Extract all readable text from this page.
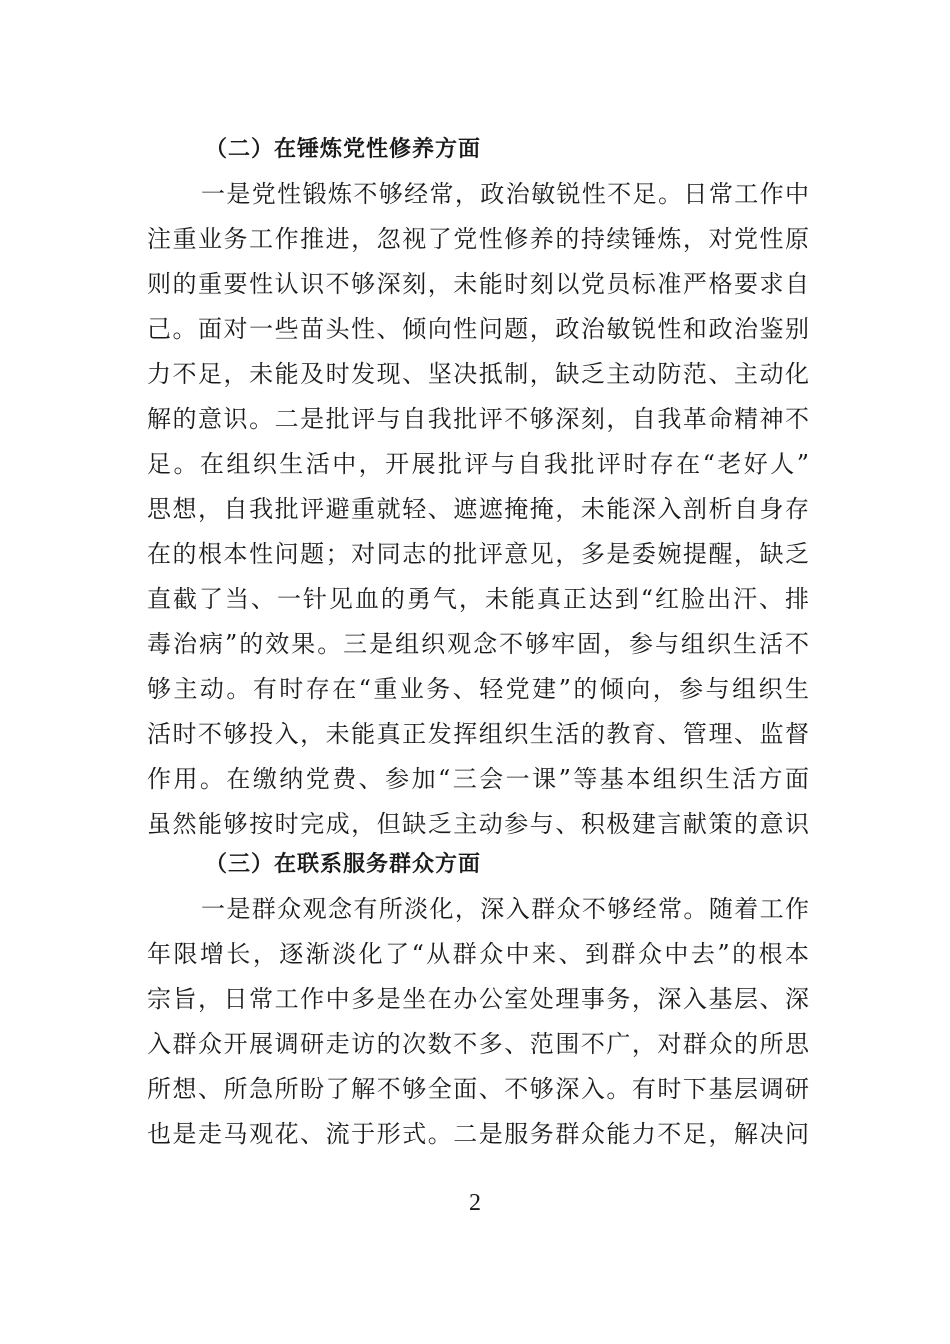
（二）在锤炼党性修养方面
一是党性锻炼不够经常，政治敏锐性不足。日常工作中
注重业务工作推进，忽视了党性修养的持续锤炼，对党性原
则的重要性认识不够深刻，未能时刻以党员标准严格要求自
己。面对一些苗头性、倾向性问题，政治敏锐性和政治鉴别
力不足，未能及时发现、坚决抵制，缺乏主动防范、主动化
解的意识。二是批评与自我批评不够深刻，自我革命精神不
足。在组织生活中，开展批评与自我批评时存在“老好人”
思想，自我批评避重就轻、遮遮掩掩，未能深入剖析自身存
在的根本性问题；对同志的批评意见，多是委婉提醒，缺乏
直截了当、一针见血的勇气，未能真正达到“红脸出汗、排
毒治病”的效果。三是组织观念不够牢固，参与组织生活不
够主动。有时存在“重业务、轻党建”的倾向，参与组织生
活时不够投入，未能真正发挥组织生活的教育、管理、监督
作用。在缴纳党费、参加“三会一课”等基本组织生活方面
虽然能够按时完成，但缺乏主动参与、积极建言献策的意识
（三）在联系服务群众方面
一是群众观念有所淡化，深入群众不够经常。随着工作
年限增长，逐渐淡化了“从群众中来、到群众中去”的根本
宗旨，日常工作中多是坐在办公室处理事务，深入基层、深
入群众开展调研走访的次数不多、范围不广，对群众的所思
所想、所急所盼了解不够全面、不够深入。有时下基层调研
也是走马观花、流于形式。二是服务群众能力不足，解决问
2
